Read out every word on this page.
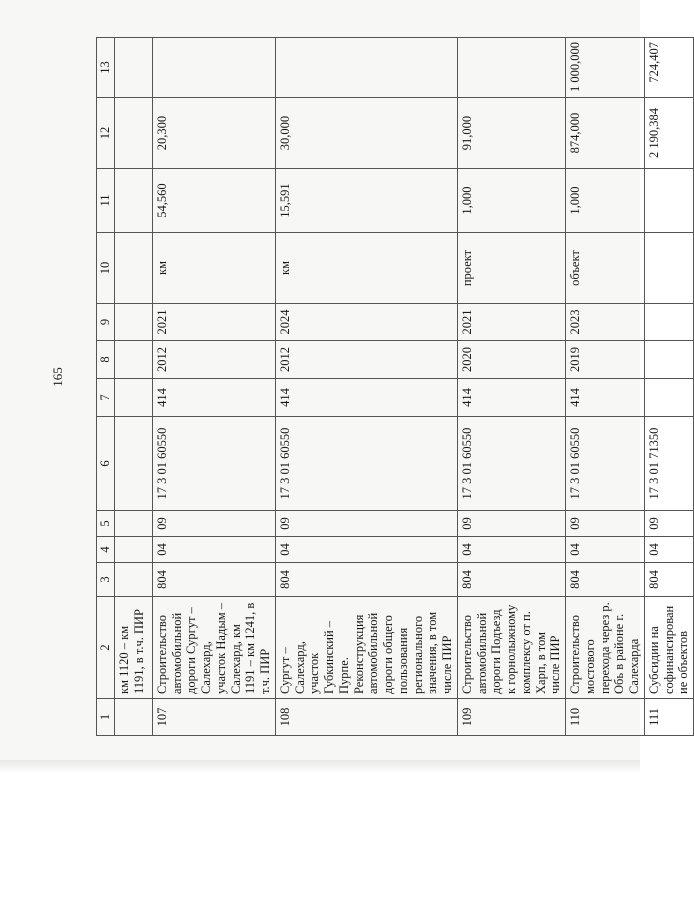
165
1	2	3	4	5	6	7	8	9	10	11	12	13
	км 1120 – км 1191, в т.ч. ПИР											
107	Строительство автомобильной дороги Сургут – Салехард, участок Надым – Салехард, км 1191 – км 1241, в т.ч. ПИР	804	04	09	17 3 01 60550	414	2012	2021	км	54,560	20,300	
108	Сургут – Салехард, участок Губкинский – Пурпе. Реконструкция автомобильной дороги общего пользования регионального значения, в том числе ПИР	804	04	09	17 3 01 60550	414	2012	2024	км	15,591	30,000	
109	Строительство автомобильной дороги Подъезд к горнолыжному комплексу от п. Харп, в том числе ПИР	804	04	09	17 3 01 60550	414	2020	2021	проект	1,000	91,000	
110	Строительство мостового перехода через р. Обь в районе г. Салехарда	804	04	09	17 3 01 60550	414	2019	2023	объект	1,000	874,000	1 000,000
111	Субсидии на софинансирование объектов	804	04	09	17 3 01 71350						2 190,384	724,407
